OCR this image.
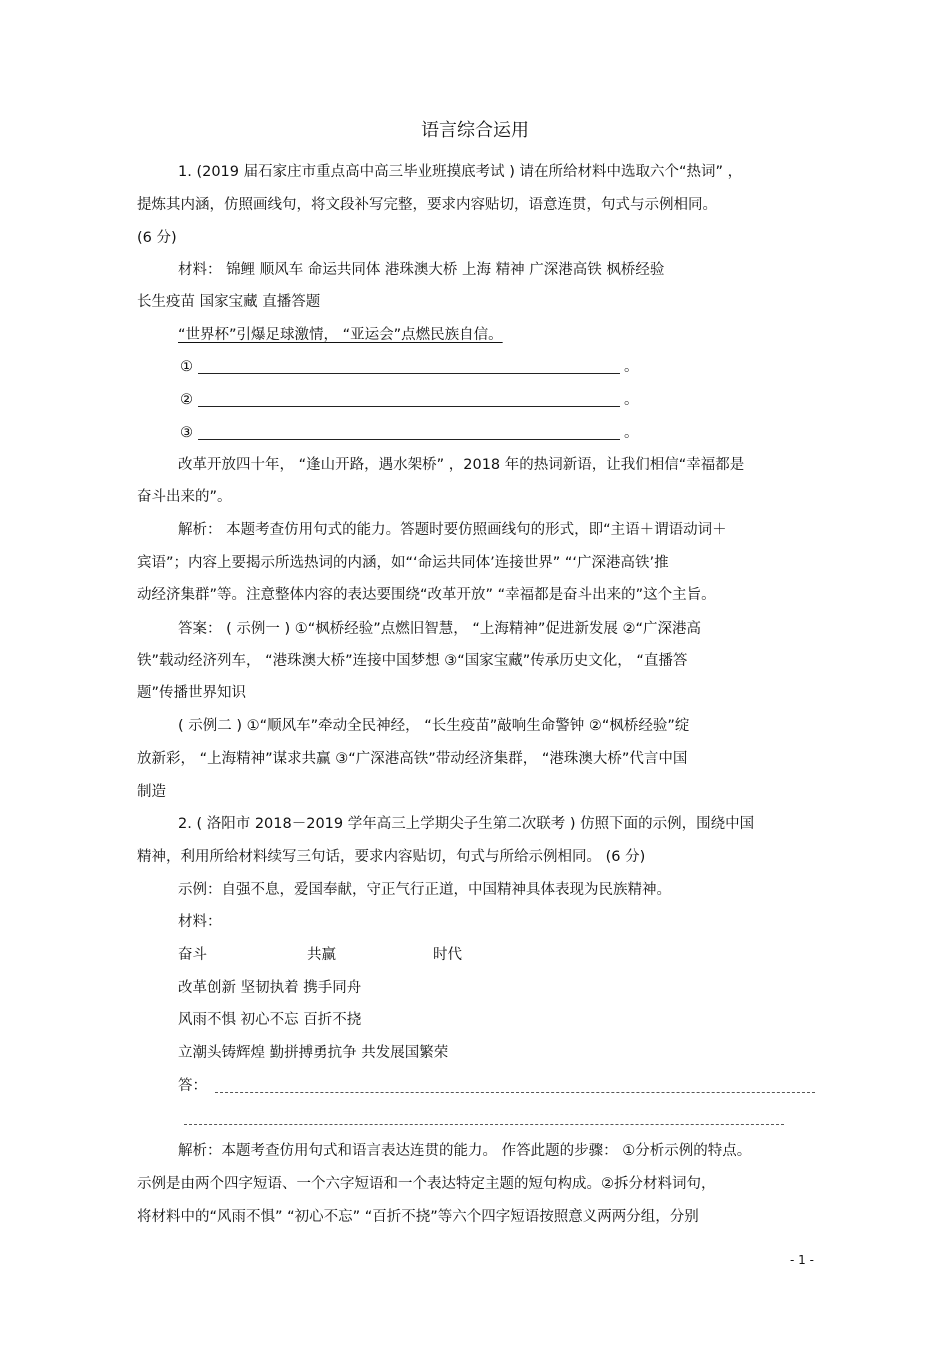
语言综合运用
1. (2019 届石家庄市重点高中高三毕业班摸底考试 ) 请在所给材料中选取六个“热词” ，
提炼其内涵，仿照画线句，将文段补写完整，要求内容贴切，语意连贯，句式与示例相同。
(6 分)
材料： 锦鲤 顺风车 命运共同体 港珠澳大桥 上海 精神 广深港高铁 枫桥经验
长生疫苗 国家宝藏 直播答题
“世界杯”引爆足球激情， “亚运会”点燃民族自信。
①	。
②	。
③	。
改革开放四十年， “逢山开路，遇水架桥” ，2018 年的热词新语，让我们相信“幸福都是
奋斗出来的”。
解析： 本题考查仿用句式的能力。答题时要仿照画线句的形式，即“主语＋谓语动词＋
宾语”；内容上要揭示所选热词的内涵，如“‘命运共同体’连接世界” “‘广深港高铁’推
动经济集群”等。注意整体内容的表达要围绕“改革开放” “幸福都是奋斗出来的”这个主旨。
答案： ( 示例一 ) ①“枫桥经验”点燃旧智慧， “上海精神”促进新发展 ②“广深港高
铁”载动经济列车， “港珠澳大桥”连接中国梦想 ③“国家宝藏”传承历史文化， “直播答
题”传播世界知识
( 示例二 ) ①“顺风车”牵动全民神经， “长生疫苗”敲响生命警钟 ②“枫桥经验”绽
放新彩， “上海精神”谋求共赢 ③“广深港高铁”带动经济集群， “港珠澳大桥”代言中国
制造
2. ( 洛阳市 2018－2019 学年高三上学期尖子生第二次联考 ) 仿照下面的示例，围绕中国
精神，利用所给材料续写三句话，要求内容贴切，句式与所给示例相同。 (6 分)
示例：自强不息，爱国奉献，守正气行正道，中国精神具体表现为民族精神。
材料：
奋斗	共赢	时代
改革创新 坚韧执着 携手同舟
风雨不惧 初心不忘 百折不挠
立潮头铸辉煌 勤拼搏勇抗争 共发展国繁荣
答：
解析：本题考查仿用句式和语言表达连贯的能力。 作答此题的步骤： ①分析示例的特点。
示例是由两个四字短语、一个六字短语和一个表达特定主题的短句构成。②拆分材料词句，
将材料中的“风雨不惧” “初心不忘” “百折不挠”等六个四字短语按照意义两两分组，分别
- 1 -
